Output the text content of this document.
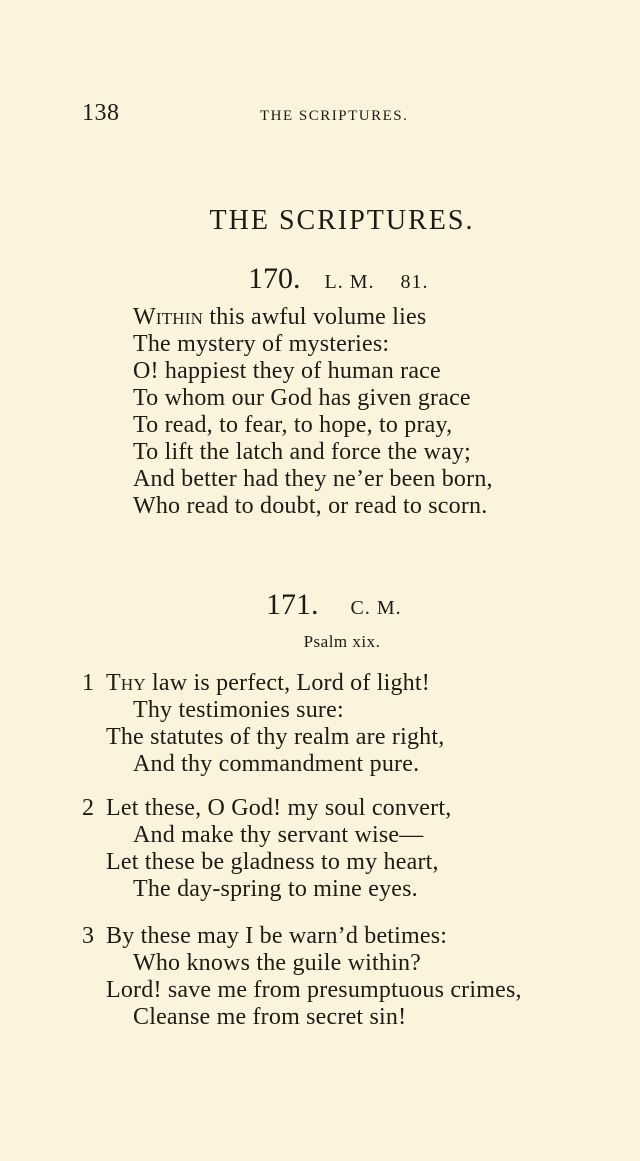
138	THE SCRIPTURES.
THE SCRIPTURES.
170. L. M. 81.
Within this awful volume lies
The mystery of mysteries:
O! happiest they of human race
To whom our God has given grace
To read, to fear, to hope, to pray,
To lift the latch and force the way;
And better had they ne’er been born,
Who read to doubt, or read to scorn.
171. C. M.
Psalm xix.
1 Thy law is perfect, Lord of light!
Thy testimonies sure:
The statutes of thy realm are right,
And thy commandment pure.
2 Let these, O God! my soul convert,
And make thy servant wise—
Let these be gladness to my heart,
The day-spring to mine eyes.
3 By these may I be warn’d betimes:
Who knows the guile within?
Lord! save me from presumptuous crimes,
Cleanse me from secret sin!
